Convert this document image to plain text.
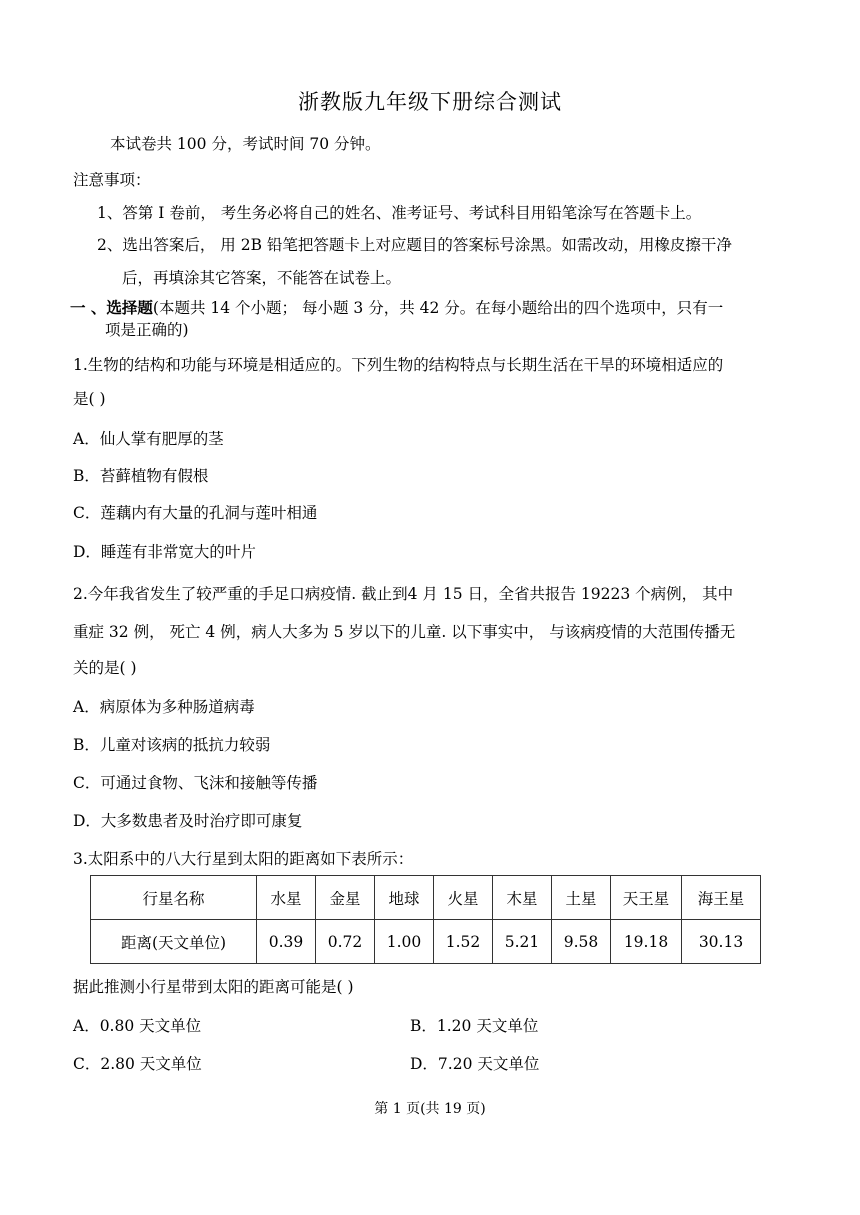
浙教版九年级下册综合测试
本试卷共 100 分，考试时间 70 分钟。
注意事项：
1、答第 I 卷前， 考生务必将自己的姓名、准考证号、考试科目用铅笔涂写在答题卡上。
2、选出答案后， 用 2B 铅笔把答题卡上对应题目的答案标号涂黑。如需改动，用橡皮擦干净
后，再填涂其它答案，不能答在试卷上。
一 、选择题(本题共 14 个小题； 每小题 3 分，共 42 分。在每小题给出的四个选项中，只有一
项是正确的)
1.生物的结构和功能与环境是相适应的。下列生物的结构特点与长期生活在干旱的环境相适应的
是( )
A．仙人掌有肥厚的茎
B．苔藓植物有假根
C．莲藕内有大量的孔洞与莲叶相通
D．睡莲有非常宽大的叶片
2.今年我省发生了较严重的手足口病疫情. 截止到4 月 15 日，全省共报告 19223 个病例， 其中
重症 32 例， 死亡 4 例，病人大多为 5 岁以下的儿童. 以下事实中， 与该病疫情的大范围传播无
关的是( )
A．病原体为多种肠道病毒
B．儿童对该病的抵抗力较弱
C．可通过食物、飞沫和接触等传播
D．大多数患者及时治疗即可康复
3.太阳系中的八大行星到太阳的距离如下表所示：
行星名称	水星	金星	地球	火星	木星	土星	天王星	海王星
距离(天文单位)	0.39	0.72	1.00	1.52	5.21	9.58	19.18	30.13
据此推测小行星带到太阳的距离可能是( )
A．0.80 天文单位	B．1.20 天文单位
C．2.80 天文单位	D．7.20 天文单位
第 1 页(共 19 页)
